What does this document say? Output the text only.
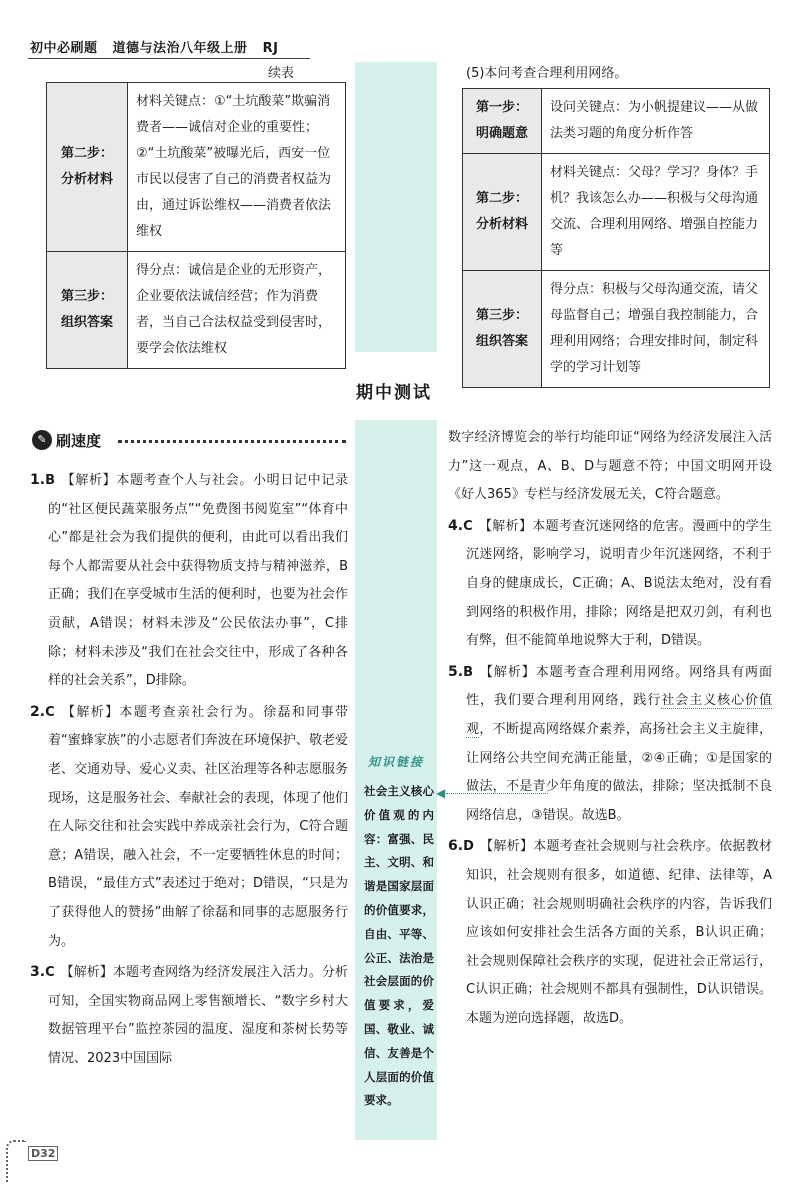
初中必刷题 道德与法治八年级上册 RJ
续表
第二步：
分析材料	材料关键点：①“土坑酸菜”欺骗消费者——诚信对企业的重要性；②“土坑酸菜”被曝光后，西安一位市民以侵害了自己的消费者权益为由，通过诉讼维权——消费者依法维权
第三步：
组织答案	得分点：诚信是企业的无形资产，企业要依法诚信经营；作为消费者，当自己合法权益受到侵害时，要学会依法维权
(5)本问考查合理利用网络。
第一步：
明确题意	设问关键点：为小帆提建议——从做法类习题的角度分析作答
第二步：
分析材料	材料关键点：父母？学习？身体？手机？我该怎么办——积极与父母沟通交流、合理利用网络、增强自控能力等
第三步：
组织答案	得分点：积极与父母沟通交流，请父母监督自己；增强自我控制能力，合理利用网络；合理安排时间，制定科学的学习计划等
期中测试
✎ 刷速度

1.B 【解析】本题考查个人与社会。小明日记中记录的“社区便民蔬菜服务点”“免费图书阅览室”“体育中心”都是社会为我们提供的便利，由此可以看出我们每个人都需要从社会中获得物质支持与精神滋养，B正确；我们在享受城市生活的便利时，也要为社会作贡献，A错误；材料未涉及“公民依法办事”，C排除；材料未涉及“我们在社会交往中，形成了各种各样的社会关系”，D排除。

2.C 【解析】本题考查亲社会行为。徐磊和同事带着“蜜蜂家族”的小志愿者们奔波在环境保护、敬老爱老、交通劝导、爱心义卖、社区治理等各种志愿服务现场，这是服务社会、奉献社会的表现，体现了他们在人际交往和社会实践中养成亲社会行为，C符合题意；A错误，融入社会，不一定要牺牲休息的时间；B错误，“最佳方式”表述过于绝对；D错误，“只是为了获得他人的赞扬”曲解了徐磊和同事的志愿服务行为。

3.C 【解析】本题考查网络为经济发展注入活力。分析可知，全国实物商品网上零售额增长、“数字乡村大数据管理平台”监控茶园的温度、湿度和茶树长势等情况、2023中国国际

知识链接
社会主义核心价值观的内容：富强、民主、文明、和谐是国家层面的价值要求，自由、平等、公正、法治是社会层面的价值要求，爱国、敬业、诚信、友善是个人层面的价值要求。
◀

数字经济博览会的举行均能印证“网络为经济发展注入活力”这一观点，A、B、D与题意不符；中国文明网开设《好人365》专栏与经济发展无关，C符合题意。

4.C 【解析】本题考查沉迷网络的危害。漫画中的学生沉迷网络，影响学习，说明青少年沉迷网络，不利于自身的健康成长，C正确；A、B说法太绝对，没有看到网络的积极作用，排除；网络是把双刃剑，有利也有弊，但不能简单地说弊大于利，D错误。

5.B 【解析】本题考查合理利用网络。网络具有两面性，我们要合理利用网络，践行社会主义核心价值观，不断提高网络媒介素养，高扬社会主义主旋律，让网络公共空间充满正能量，②④正确；①是国家的做法，不是青少年角度的做法，排除；坚决抵制不良网络信息，③错误。故选B。

6.D 【解析】本题考查社会规则与社会秩序。依据教材知识，社会规则有很多，如道德、纪律、法律等，A认识正确；社会规则明确社会秩序的内容，告诉我们应该如何安排社会生活各方面的关系，B认识正确；社会规则保障社会秩序的实现，促进社会正常运行，C认识正确；社会规则不都具有强制性，D认识错误。本题为逆向选择题，故选D。

D32
